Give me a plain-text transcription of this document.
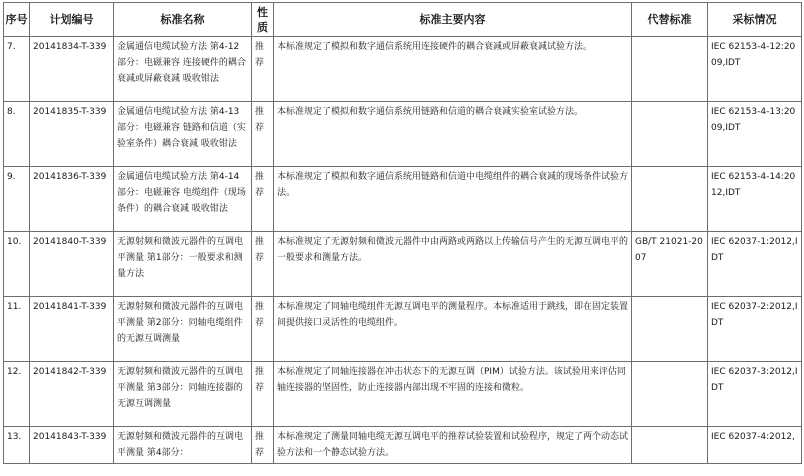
序号	计划编号	标准名称	性质	标准主要内容	代替标准	采标情况
7.	20141834-T-339	金属通信电缆试验方法 第4-12部分：电磁兼容 连接硬件的耦合衰减或屏蔽衰减 吸收钳法	推荐	本标准规定了模拟和数字通信系统用连接硬件的耦合衰减或屏蔽衰减试验方法。		IEC 62153-4-12:2009,IDT
8.	20141835-T-339	金属通信电缆试验方法 第4-13部分：电磁兼容 链路和信道（实验室条件）耦合衰减 吸收钳法	推荐	本标准规定了模拟和数字通信系统用链路和信道的耦合衰减实验室试验方法。		IEC 62153-4-13:2009,IDT
9.	20141836-T-339	金属通信电缆试验方法 第4-14部分：电磁兼容 电缆组件（现场条件）的耦合衰减 吸收钳法	推荐	本标准规定了模拟和数字通信系统用链路和信道中电缆组件的耦合衰减的现场条件试验方法。		IEC 62153-4-14:2012,IDT
10.	20141840-T-339	无源射频和微波元器件的互调电平测量 第1部分：一般要求和测量方法	推荐	本标准规定了无源射频和微波元器件中由两路或两路以上传输信号产生的无源互调电平的一般要求和测量方法。	GB/T 21021-2007	IEC 62037-1:2012,IDT
11.	20141841-T-339	无源射频和微波元器件的互调电平测量 第2部分：同轴电缆组件的无源互调测量	推荐	本标准规定了同轴电缆组件无源互调电平的测量程序。本标准适用于跳线，即在固定装置间提供接口灵活性的电缆组件。		IEC 62037-2:2012,IDT
12.	20141842-T-339	无源射频和微波元器件的互调电平测量 第3部分：同轴连接器的无源互调测量	推荐	本标准规定了同轴连接器在冲击状态下的无源互调（PIM）试验方法。该试验用来评估同轴连接器的坚固性，防止连接器内部出现不牢固的连接和微粒。		IEC 62037-3:2012,IDT
13.	20141843-T-339	无源射频和微波元器件的互调电平测量 第4部分：	推荐	本标准规定了测量同轴电缆无源互调电平的推荐试验装置和试验程序，规定了两个动态试验方法和一个静态试验方法。		IEC 62037-4:2012,
